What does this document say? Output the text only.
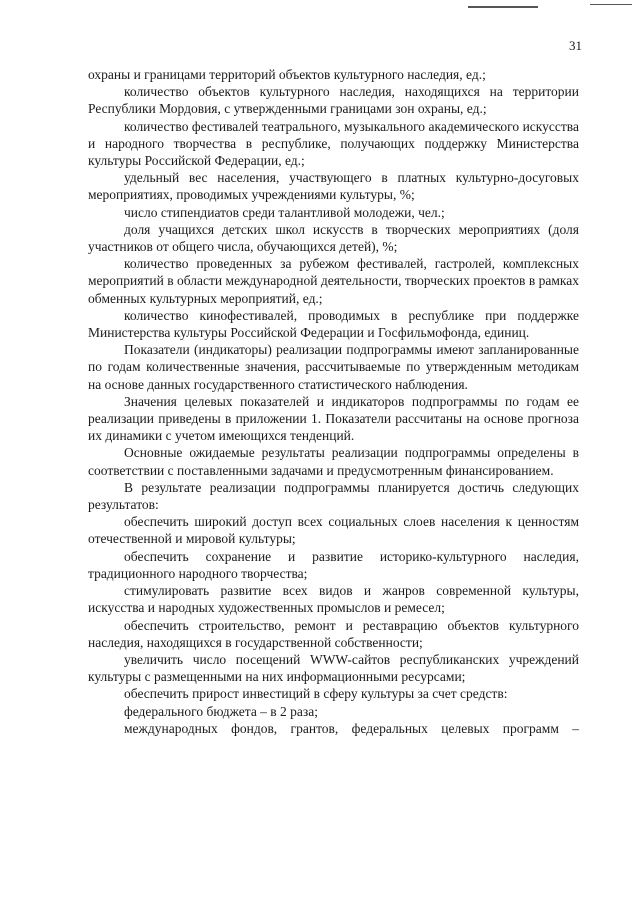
31

охраны и границами территорий объектов культурного наследия, ед.;

количество объектов культурного наследия, находящихся на территории Республики Мордовия, с утвержденными границами зон охраны, ед.;

количество фестивалей театрального, музыкального академического искусства и народного творчества в республике, получающих поддержку Министерства культуры Российской Федерации, ед.;

удельный вес населения, участвующего в платных культурно-досуговых мероприятиях, проводимых учреждениями культуры, %;

число стипендиатов среди талантливой молодежи, чел.;

доля учащихся детских школ искусств в творческих мероприятиях (доля участников от общего числа, обучающихся детей), %;

количество проведенных за рубежом фестивалей, гастролей, комплексных мероприятий в области международной деятельности, творческих проектов в рамках обменных культурных мероприятий, ед.;

количество кинофестивалей, проводимых в республике при поддержке Министерства культуры Российской Федерации и Госфильмофонда, единиц.

Показатели (индикаторы) реализации подпрограммы имеют запланированные по годам количественные значения, рассчитываемые по утвержденным методикам на основе данных государственного статистического наблюдения.

Значения целевых показателей и индикаторов подпрограммы по годам ее реализации приведены в приложении 1. Показатели рассчитаны на основе прогноза их динамики с учетом имеющихся тенденций.

Основные ожидаемые результаты реализации подпрограммы определены в соответствии с поставленными задачами и предусмотренным финансированием.

В результате реализации подпрограммы планируется достичь следующих результатов:

обеспечить широкий доступ всех социальных слоев населения к ценностям отечественной и мировой культуры;

обеспечить сохранение и развитие историко-культурного наследия, традиционного народного творчества;

стимулировать развитие всех видов и жанров современной культуры, искусства и народных художественных промыслов и ремесел;

обеспечить строительство, ремонт и реставрацию объектов культурного наследия, находящихся в государственной собственности;

увеличить число посещений WWW-сайтов республиканских учреждений культуры с размещенными на них информационными ресурсами;

обеспечить прирост инвестиций в сферу культуры за счет средств:

федерального бюджета – в 2 раза;

международных фондов, грантов, федеральных целевых программ –
